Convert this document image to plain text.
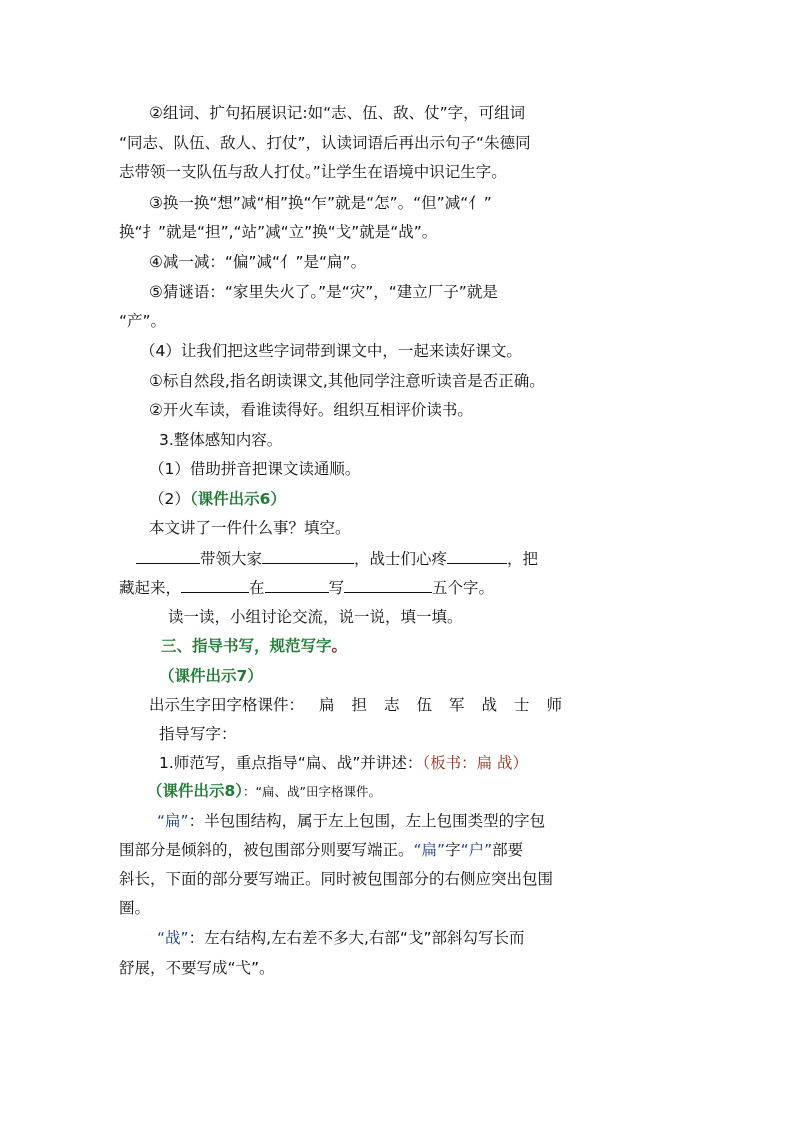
②组词、扩句拓展识记:如“志、伍、敌、仗”字，可组词
“同志、队伍、敌人、打仗”，认读词语后再出示句子“朱德同
志带领一支队伍与敌人打仗。”让学生在语境中识记生字。
③换一换“想”减“相”换“乍”就是“怎”。“但”减“亻”
换“扌”就是“担”,“站”减“立”换“戈”就是“战”。
④减一减：“偏”减“亻”是“扁”。
⑤猜谜语：“家里失火了。”是“灾”，“建立厂子”就是
“产”。
（4）让我们把这些字词带到课文中，一起来读好课文。
①标自然段,指名朗读课文,其他同学注意听读音是否正确。
②开火车读，看谁读得好。组织互相评价读书。
3.整体感知内容。
（1）借助拼音把课文读通顺。
（2）（课件出示6）
本文讲了一件什么事？填空。
带领大家	，战士们心疼	，把
藏起来，	在	写	五个字。
读一读，小组讨论交流，说一说，填一填。
三、指导书写，规范写字。
（课件出示7）
出示生字田字格课件： 扁 担 志 伍 军 战 士 师
指导写字：
1.师范写，重点指导“扁、战”并讲述：（板书：扁 战）
（课件出示8）：“扁、战”田字格课件。
“扁”：半包围结构，属于左上包围，左上包围类型的字包
围部分是倾斜的，被包围部分则要写端正。“扁”字“户”部要
斜长，下面的部分要写端正。同时被包围部分的右侧应突出包围
圈。
“战”：左右结构,左右差不多大,右部“戈”部斜勾写长而
舒展，不要写成“弋”。
